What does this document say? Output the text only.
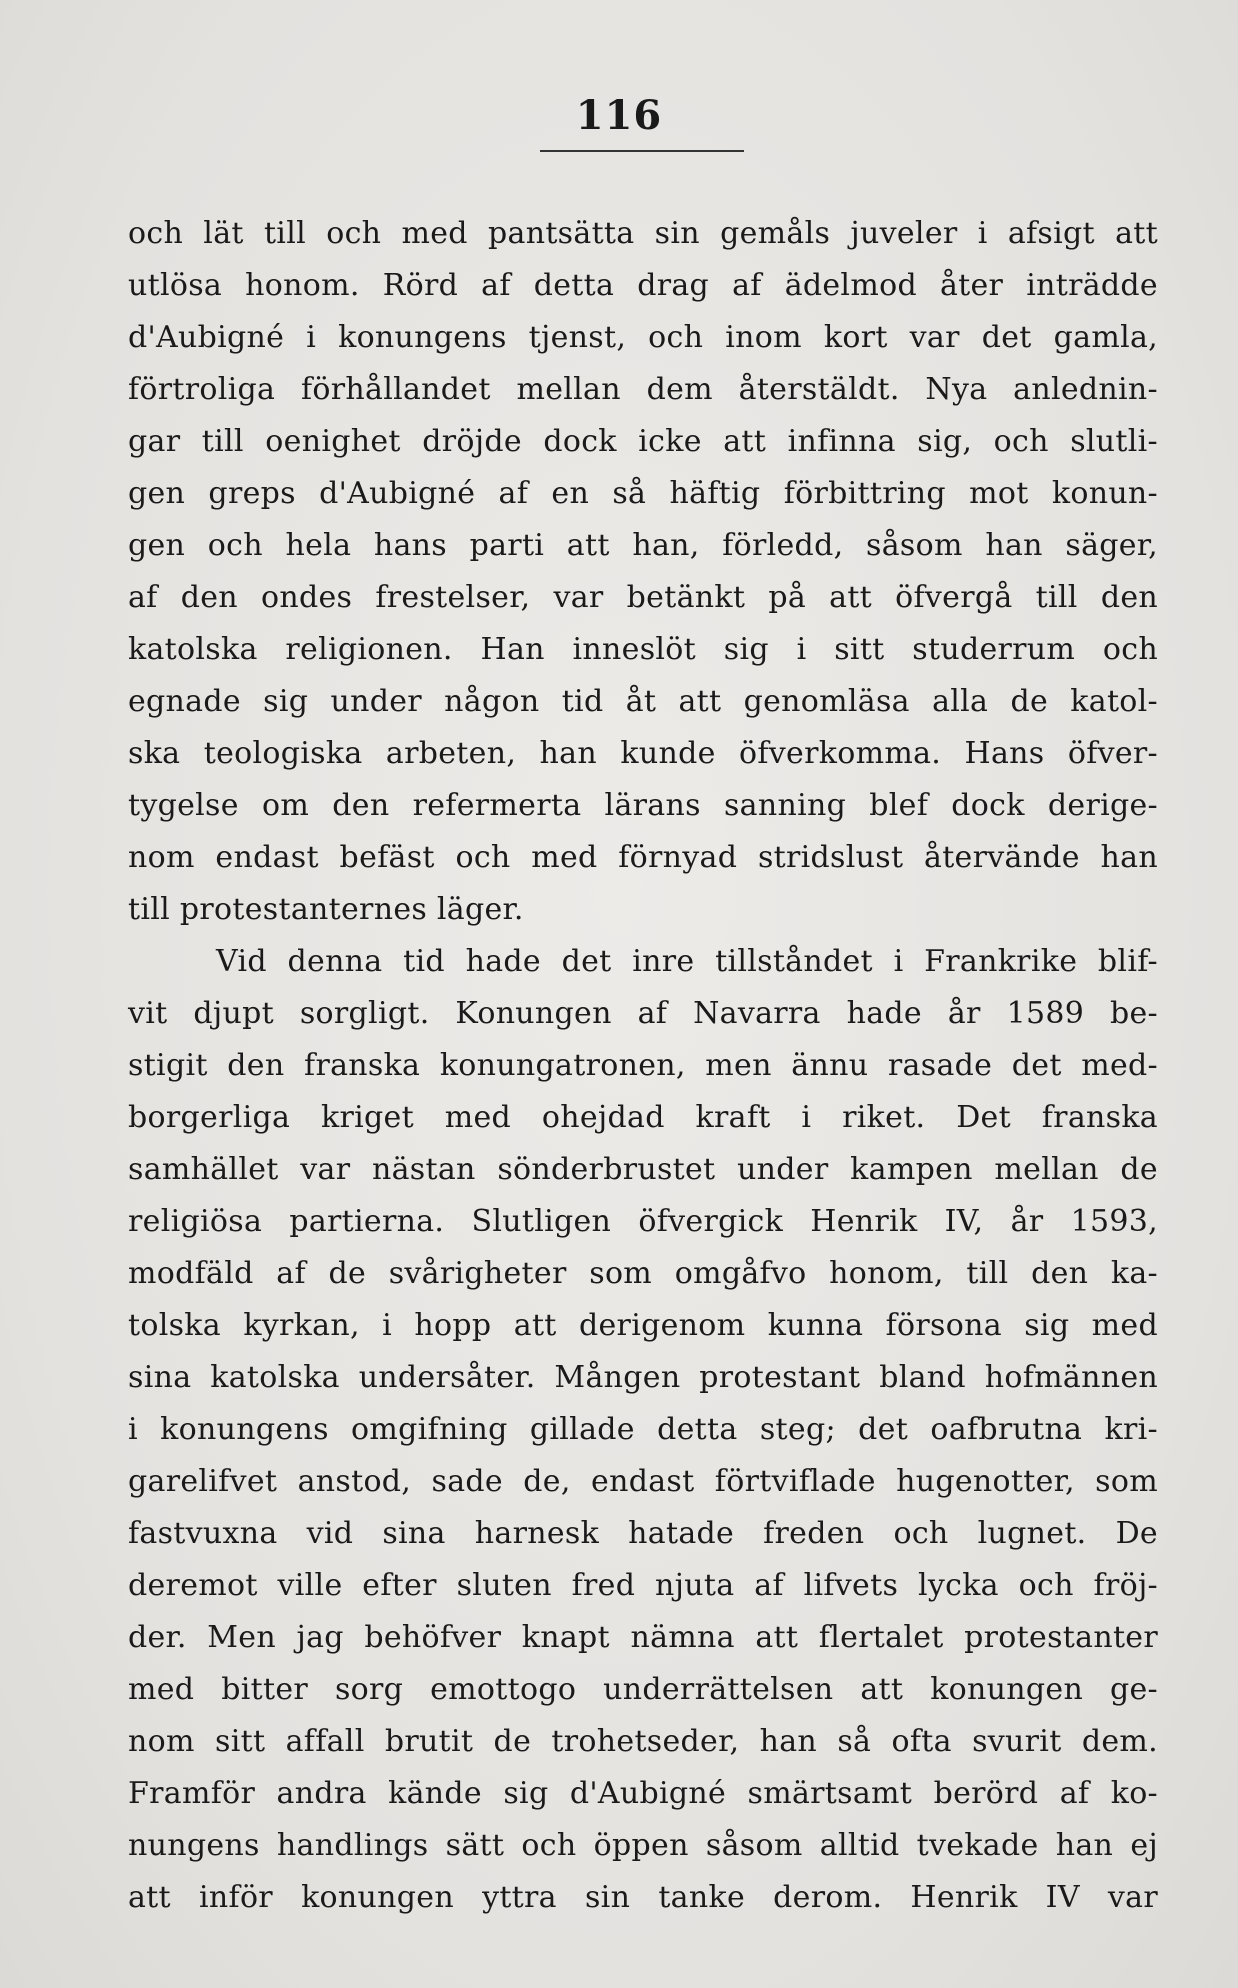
116
och lät till och med pantsätta sin gemåls juveler i afsigt att
utlösa honom. Rörd af detta drag af ädelmod åter inträdde
d'Aubigné i konungens tjenst, och inom kort var det gamla,
förtroliga förhållandet mellan dem återstäldt. Nya anlednin-
gar till oenighet dröjde dock icke att infinna sig, och slutli-
gen greps d'Aubigné af en så häftig förbittring mot konun-
gen och hela hans parti att han, förledd, såsom han säger,
af den ondes frestelser, var betänkt på att öfvergå till den
katolska religionen. Han inneslöt sig i sitt studerrum och
egnade sig under någon tid åt att genomläsa alla de katol-
ska teologiska arbeten, han kunde öfverkomma. Hans öfver-
tygelse om den refermerta lärans sanning blef dock derige-
nom endast befäst och med förnyad stridslust återvände han
till protestanternes läger.
Vid denna tid hade det inre tillståndet i Frankrike blif-
vit djupt sorgligt. Konungen af Navarra hade år 1589 be-
stigit den franska konungatronen, men ännu rasade det med-
borgerliga kriget med ohejdad kraft i riket. Det franska
samhället var nästan sönderbrustet under kampen mellan de
religiösa partierna. Slutligen öfvergick Henrik IV, år 1593,
modfäld af de svårigheter som omgåfvo honom, till den ka-
tolska kyrkan, i hopp att derigenom kunna försona sig med
sina katolska undersåter. Mången protestant bland hofmännen
i konungens omgifning gillade detta steg; det oafbrutna kri-
garelifvet anstod, sade de, endast förtviflade hugenotter, som
fastvuxna vid sina harnesk hatade freden och lugnet. De
deremot ville efter sluten fred njuta af lifvets lycka och fröj-
der. Men jag behöfver knapt nämna att flertalet protestanter
med bitter sorg emottogo underrättelsen att konungen ge-
nom sitt affall brutit de trohetseder, han så ofta svurit dem.
Framför andra kände sig d'Aubigné smärtsamt berörd af ko-
nungens handlings sätt och öppen såsom alltid tvekade han ej
att inför konungen yttra sin tanke derom. Henrik IV var
